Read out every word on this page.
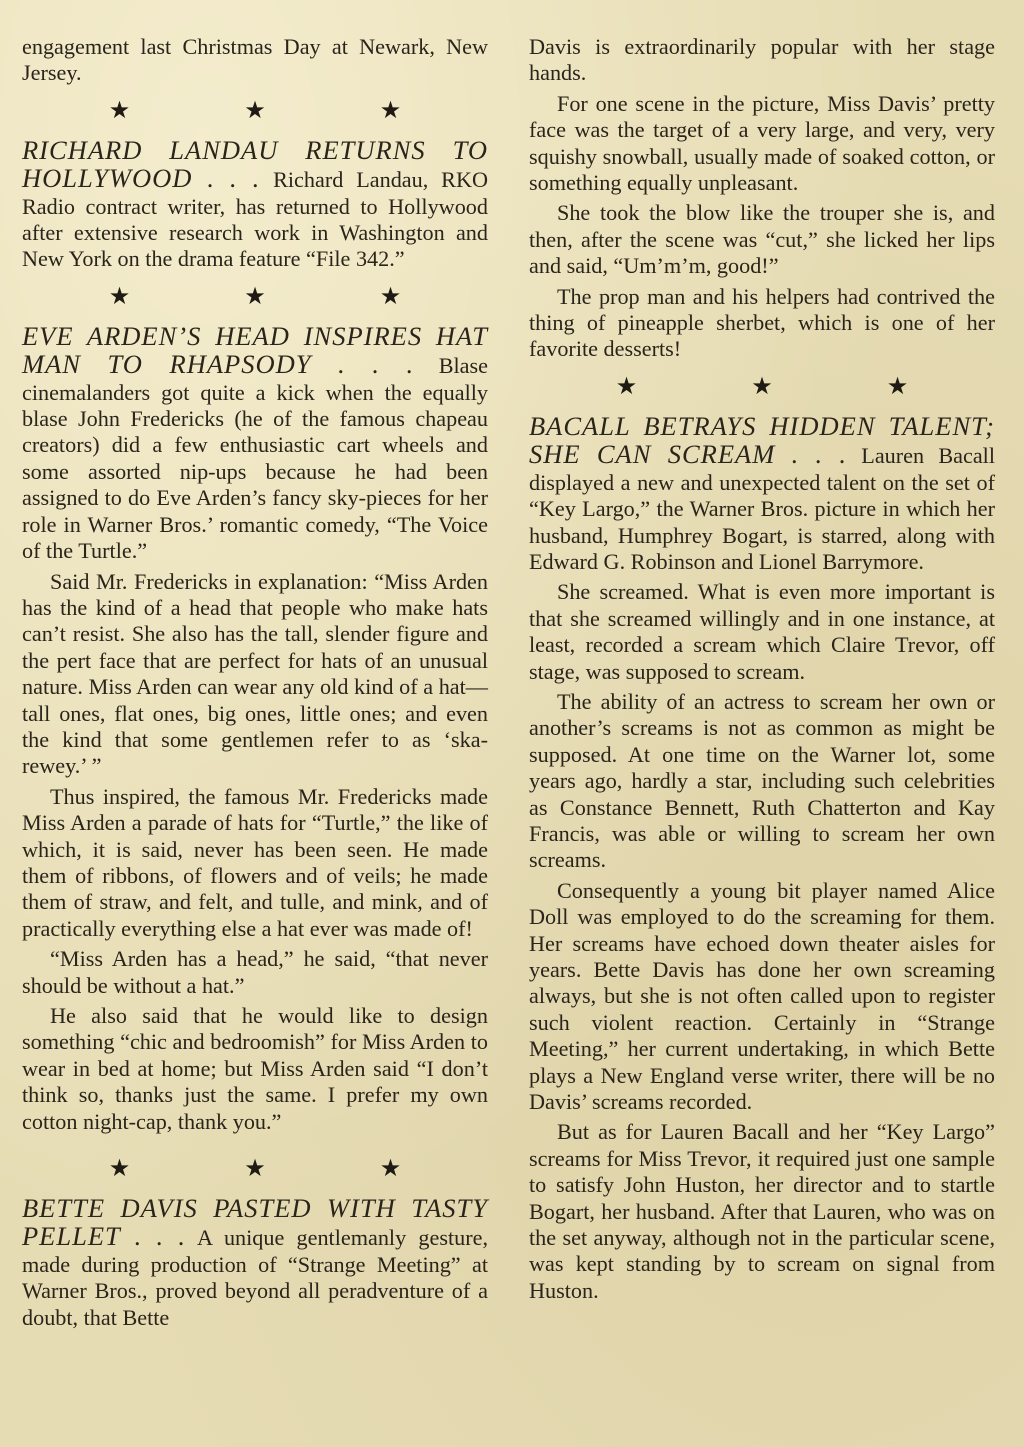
engagement last Christmas Day at Newark, New Jersey.

★ ★ ★

RICHARD LANDAU RETURNS TO HOLLYWOOD . . . Richard Landau, RKO Radio contract writer, has returned to Hollywood after extensive research work in Washington and New York on the drama feature “File 342.”

★ ★ ★

EVE ARDEN’S HEAD INSPIRES HAT MAN TO RHAPSODY . . . Blase cinemalanders got quite a kick when the equally blase John Fredericks (he of the famous chapeau creators) did a few enthusiastic cart wheels and some assorted nip-ups because he had been assigned to do Eve Arden’s fancy sky-pieces for her role in Warner Bros.’ romantic comedy, “The Voice of the Turtle.”

Said Mr. Fredericks in explanation: “Miss Arden has the kind of a head that people who make hats can’t resist. She also has the tall, slender figure and the pert face that are perfect for hats of an unusual nature. Miss Arden can wear any old kind of a hat—tall ones, flat ones, big ones, little ones; and even the kind that some gentlemen refer to as ‘ska-rewey.’ ”

Thus inspired, the famous Mr. Fredericks made Miss Arden a parade of hats for “Turtle,” the like of which, it is said, never has been seen. He made them of ribbons, of flowers and of veils; he made them of straw, and felt, and tulle, and mink, and of practically everything else a hat ever was made of!

“Miss Arden has a head,” he said, “that never should be without a hat.”

He also said that he would like to design something “chic and bedroomish” for Miss Arden to wear in bed at home; but Miss Arden said “I don’t think so, thanks just the same. I prefer my own cotton night-cap, thank you.”

★ ★ ★

BETTE DAVIS PASTED WITH TASTY PELLET . . . A unique gentlemanly gesture, made during production of “Strange Meeting” at Warner Bros., proved beyond all peradventure of a doubt, that Bette

Davis is extraordinarily popular with her stage hands.

For one scene in the picture, Miss Davis’ pretty face was the target of a very large, and very, very squishy snowball, usually made of soaked cotton, or something equally unpleasant.

She took the blow like the trouper she is, and then, after the scene was “cut,” she licked her lips and said, “Um’m’m, good!”

The prop man and his helpers had contrived the thing of pineapple sherbet, which is one of her favorite desserts!

★ ★ ★

BACALL BETRAYS HIDDEN TALENT; SHE CAN SCREAM . . . Lauren Bacall displayed a new and unexpected talent on the set of “Key Largo,” the Warner Bros. picture in which her husband, Humphrey Bogart, is starred, along with Edward G. Robinson and Lionel Barrymore.

She screamed. What is even more important is that she screamed willingly and in one instance, at least, recorded a scream which Claire Trevor, off stage, was supposed to scream.

The ability of an actress to scream her own or another’s screams is not as common as might be supposed. At one time on the Warner lot, some years ago, hardly a star, including such celebrities as Constance Bennett, Ruth Chatterton and Kay Francis, was able or willing to scream her own screams.

Consequently a young bit player named Alice Doll was employed to do the screaming for them. Her screams have echoed down theater aisles for years. Bette Davis has done her own screaming always, but she is not often called upon to register such violent reaction. Certainly in “Strange Meeting,” her current undertaking, in which Bette plays a New England verse writer, there will be no Davis’ screams recorded.

But as for Lauren Bacall and her “Key Largo” screams for Miss Trevor, it required just one sample to satisfy John Huston, her director and to startle Bogart, her husband. After that Lauren, who was on the set anyway, although not in the particular scene, was kept standing by to scream on signal from Huston.
